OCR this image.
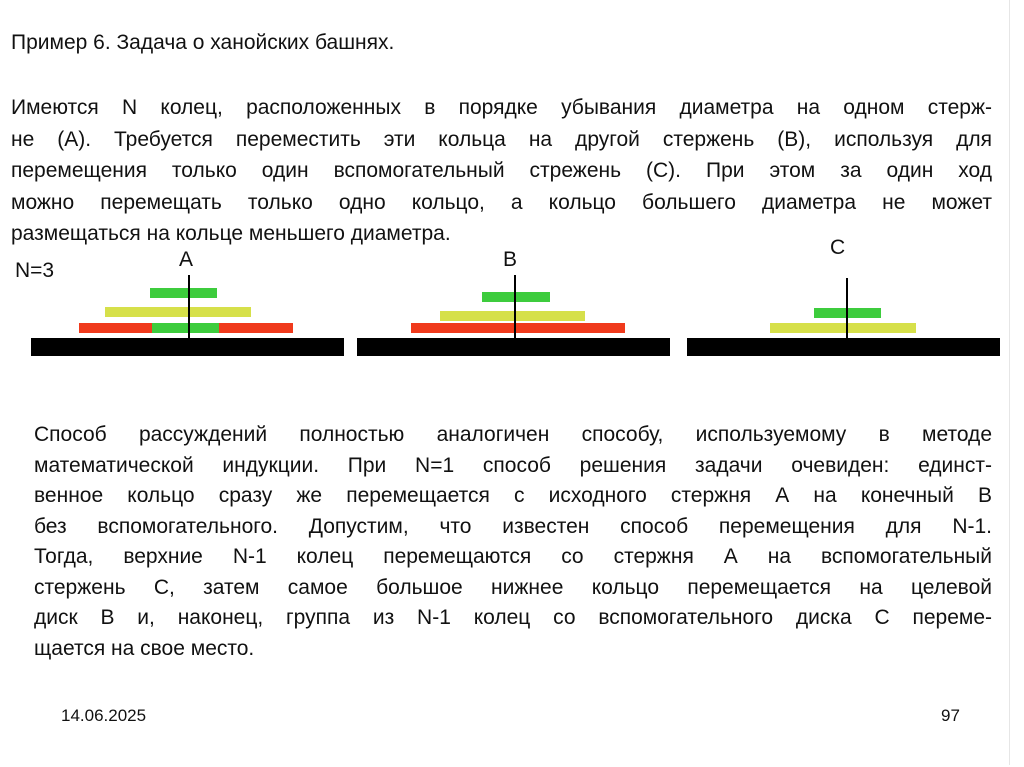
Пример 6. Задача о ханойских башнях.
Имеются N колец, расположенных в порядке убывания диаметра на одном стерж-
не (А). Требуется переместить эти кольца на другой стержень (B), используя для
перемещения только один вспомогательный стрежень (С). При этом за один ход
можно перемещать только одно кольцо, а кольцо большего диаметра не может
размещаться на кольце меньшего диаметра.
N=3	A	B
C
Способ рассуждений полностью аналогичен способу, используемому в методе
математической индукции. При N=1 способ решения задачи очевиден: единст-
венное кольцо сразу же перемещается с исходного стержня А на конечный В
без вспомогательного. Допустим, что известен способ перемещения для N-1.
Тогда, верхние N-1 колец перемещаются со стержня А на вспомогательный
стержень С, затем самое большое нижнее кольцо перемещается на целевой
диск В и, наконец, группа из N-1 колец со вспомогательного диска С переме-
щается на свое место.
14.06.2025	97
